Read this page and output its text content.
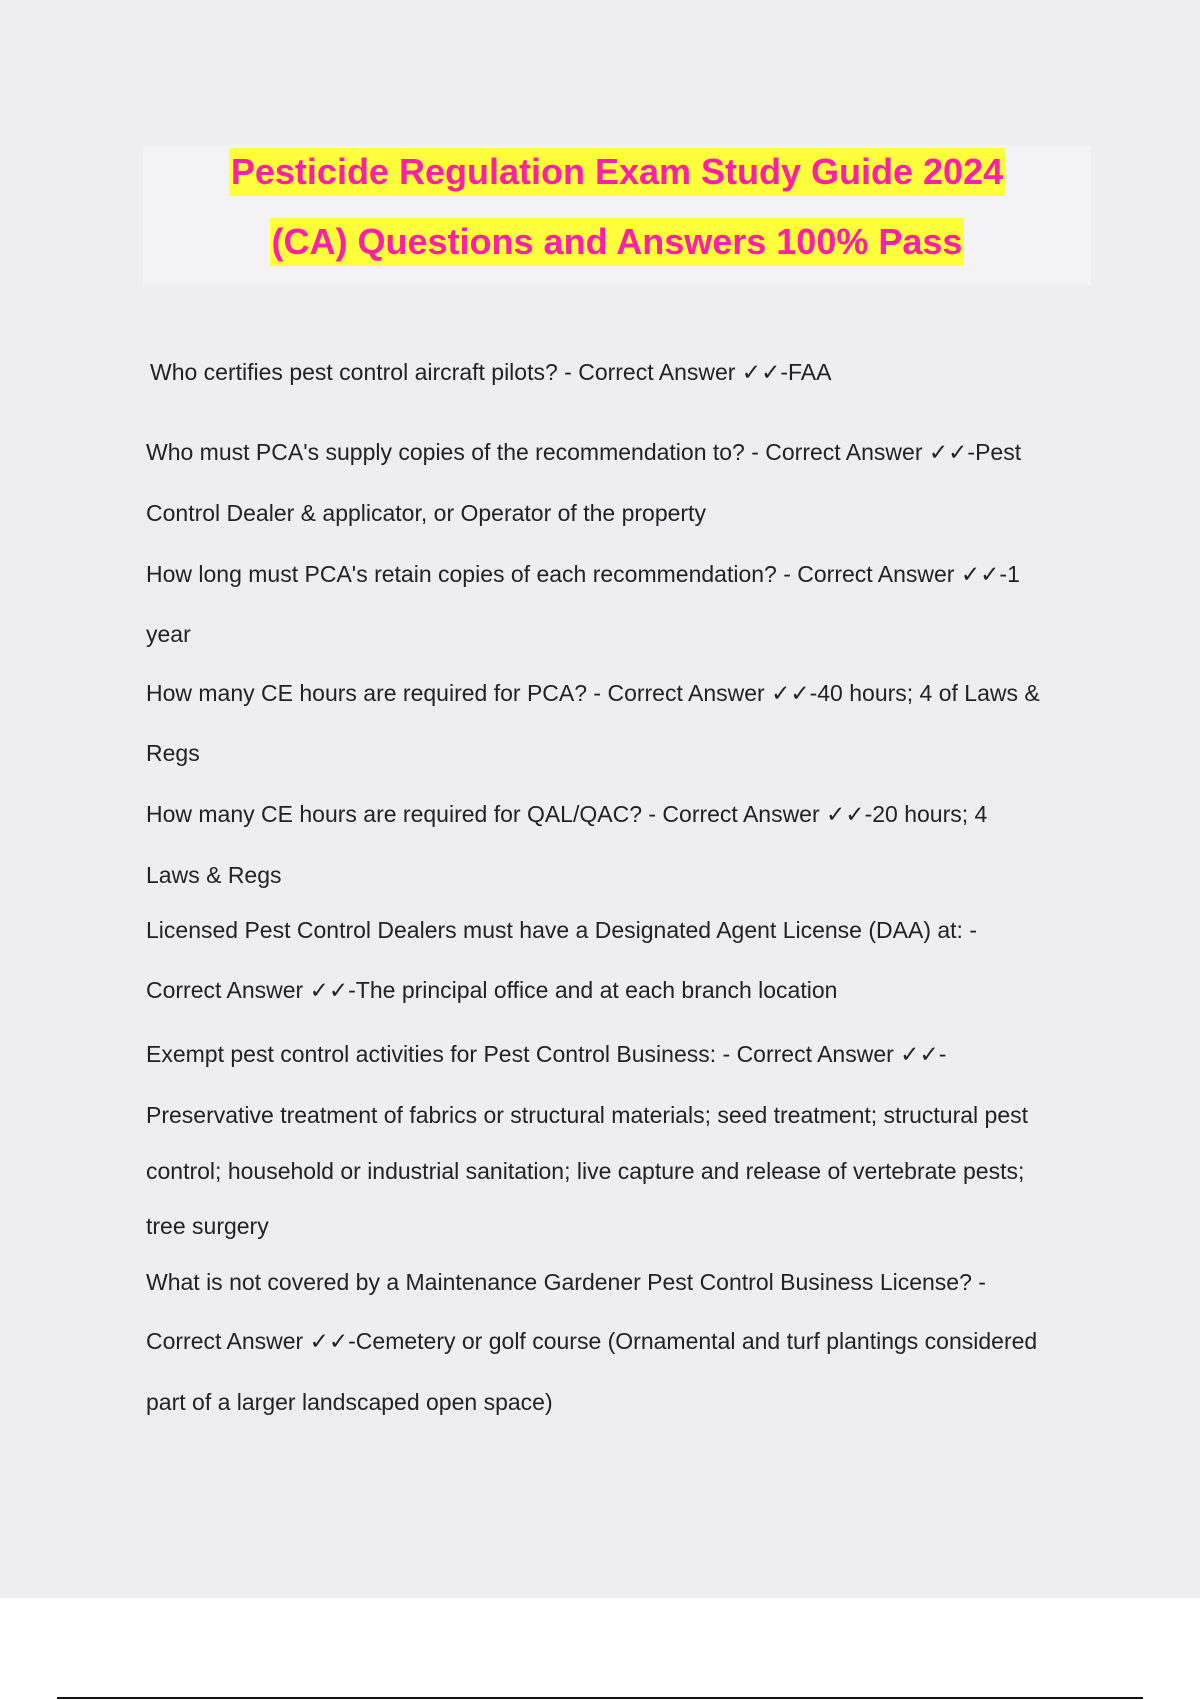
Pesticide Regulation Exam Study Guide 2024
(CA) Questions and Answers 100% Pass
Who certifies pest control aircraft pilots? - Correct Answer ✓✓-FAA
Who must PCA's supply copies of the recommendation to? - Correct Answer ✓✓-Pest
Control Dealer & applicator, or Operator of the property
How long must PCA's retain copies of each recommendation? - Correct Answer ✓✓-1
year
How many CE hours are required for PCA? - Correct Answer ✓✓-40 hours; 4 of Laws &
Regs
How many CE hours are required for QAL/QAC? - Correct Answer ✓✓-20 hours; 4
Laws & Regs
Licensed Pest Control Dealers must have a Designated Agent License (DAA) at: -
Correct Answer ✓✓-The principal office and at each branch location
Exempt pest control activities for Pest Control Business: - Correct Answer ✓✓-
Preservative treatment of fabrics or structural materials; seed treatment; structural pest
control; household or industrial sanitation; live capture and release of vertebrate pests;
tree surgery
What is not covered by a Maintenance Gardener Pest Control Business License? -
Correct Answer ✓✓-Cemetery or golf course (Ornamental and turf plantings considered
part of a larger landscaped open space)
